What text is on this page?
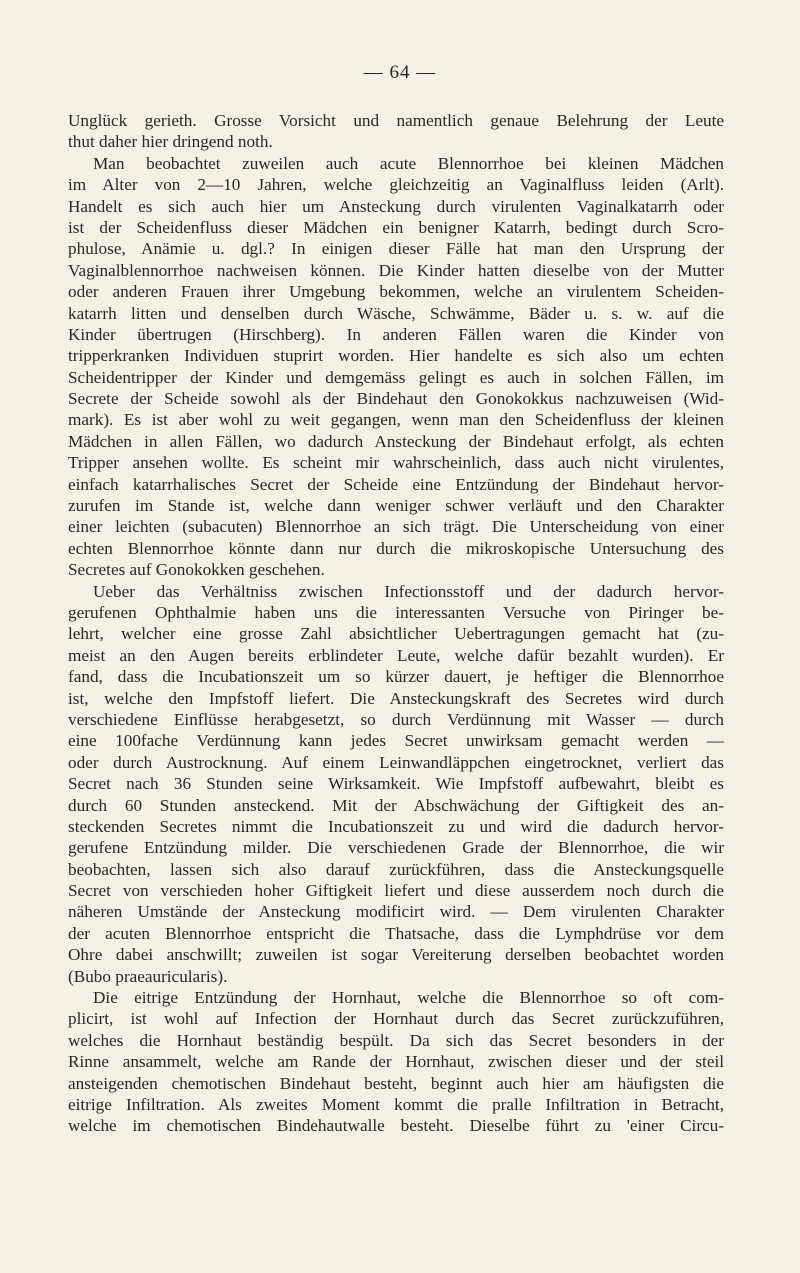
— 64 —
Unglück gerieth. Grosse Vorsicht und namentlich genaue Belehrung der Leute
thut daher hier dringend noth.
Man beobachtet zuweilen auch acute Blennorrhoe bei kleinen Mädchen
im Alter von 2—10 Jahren, welche gleichzeitig an Vaginalfluss leiden (Arlt).
Handelt es sich auch hier um Ansteckung durch virulenten Vaginalkatarrh oder
ist der Scheidenfluss dieser Mädchen ein benigner Katarrh, bedingt durch Scro-
phulose, Anämie u. dgl.? In einigen dieser Fälle hat man den Ursprung der
Vaginalblennorrhoe nachweisen können. Die Kinder hatten dieselbe von der Mutter
oder anderen Frauen ihrer Umgebung bekommen, welche an virulentem Scheiden-
katarrh litten und denselben durch Wäsche, Schwämme, Bäder u. s. w. auf die
Kinder übertrugen (Hirschberg). In anderen Fällen waren die Kinder von
tripperkranken Individuen stuprirt worden. Hier handelte es sich also um echten
Scheidentripper der Kinder und demgemäss gelingt es auch in solchen Fällen, im
Secrete der Scheide sowohl als der Bindehaut den Gonokokkus nachzuweisen (Wid-
mark). Es ist aber wohl zu weit gegangen, wenn man den Scheidenfluss der kleinen
Mädchen in allen Fällen, wo dadurch Ansteckung der Bindehaut erfolgt, als echten
Tripper ansehen wollte. Es scheint mir wahrscheinlich, dass auch nicht virulentes,
einfach katarrhalisches Secret der Scheide eine Entzündung der Bindehaut hervor-
zurufen im Stande ist, welche dann weniger schwer verläuft und den Charakter
einer leichten (subacuten) Blennorrhoe an sich trägt. Die Unterscheidung von einer
echten Blennorrhoe könnte dann nur durch die mikroskopische Untersuchung des
Secretes auf Gonokokken geschehen.
Ueber das Verhältniss zwischen Infectionsstoff und der dadurch hervor-
gerufenen Ophthalmie haben uns die interessanten Versuche von Piringer be-
lehrt, welcher eine grosse Zahl absichtlicher Uebertragungen gemacht hat (zu-
meist an den Augen bereits erblindeter Leute, welche dafür bezahlt wurden). Er
fand, dass die Incubationszeit um so kürzer dauert, je heftiger die Blennorrhoe
ist, welche den Impfstoff liefert. Die Ansteckungskraft des Secretes wird durch
verschiedene Einflüsse herabgesetzt, so durch Verdünnung mit Wasser — durch
eine 100fache Verdünnung kann jedes Secret unwirksam gemacht werden —
oder durch Austrocknung. Auf einem Leinwandläppchen eingetrocknet, verliert das
Secret nach 36 Stunden seine Wirksamkeit. Wie Impfstoff aufbewahrt, bleibt es
durch 60 Stunden ansteckend. Mit der Abschwächung der Giftigkeit des an-
steckenden Secretes nimmt die Incubationszeit zu und wird die dadurch hervor-
gerufene Entzündung milder. Die verschiedenen Grade der Blennorrhoe, die wir
beobachten, lassen sich also darauf zurückführen, dass die Ansteckungsquelle
Secret von verschieden hoher Giftigkeit liefert und diese ausserdem noch durch die
näheren Umstände der Ansteckung modificirt wird. — Dem virulenten Charakter
der acuten Blennorrhoe entspricht die Thatsache, dass die Lymphdrüse vor dem
Ohre dabei anschwillt; zuweilen ist sogar Vereiterung derselben beobachtet worden
(Bubo praeauricularis).
Die eitrige Entzündung der Hornhaut, welche die Blennorrhoe so oft com-
plicirt, ist wohl auf Infection der Hornhaut durch das Secret zurückzuführen,
welches die Hornhaut beständig bespült. Da sich das Secret besonders in der
Rinne ansammelt, welche am Rande der Hornhaut, zwischen dieser und der steil
ansteigenden chemotischen Bindehaut besteht, beginnt auch hier am häufigsten die
eitrige Infiltration. Als zweites Moment kommt die pralle Infiltration in Betracht,
welche im chemotischen Bindehautwalle besteht. Dieselbe führt zu 'einer Circu-
